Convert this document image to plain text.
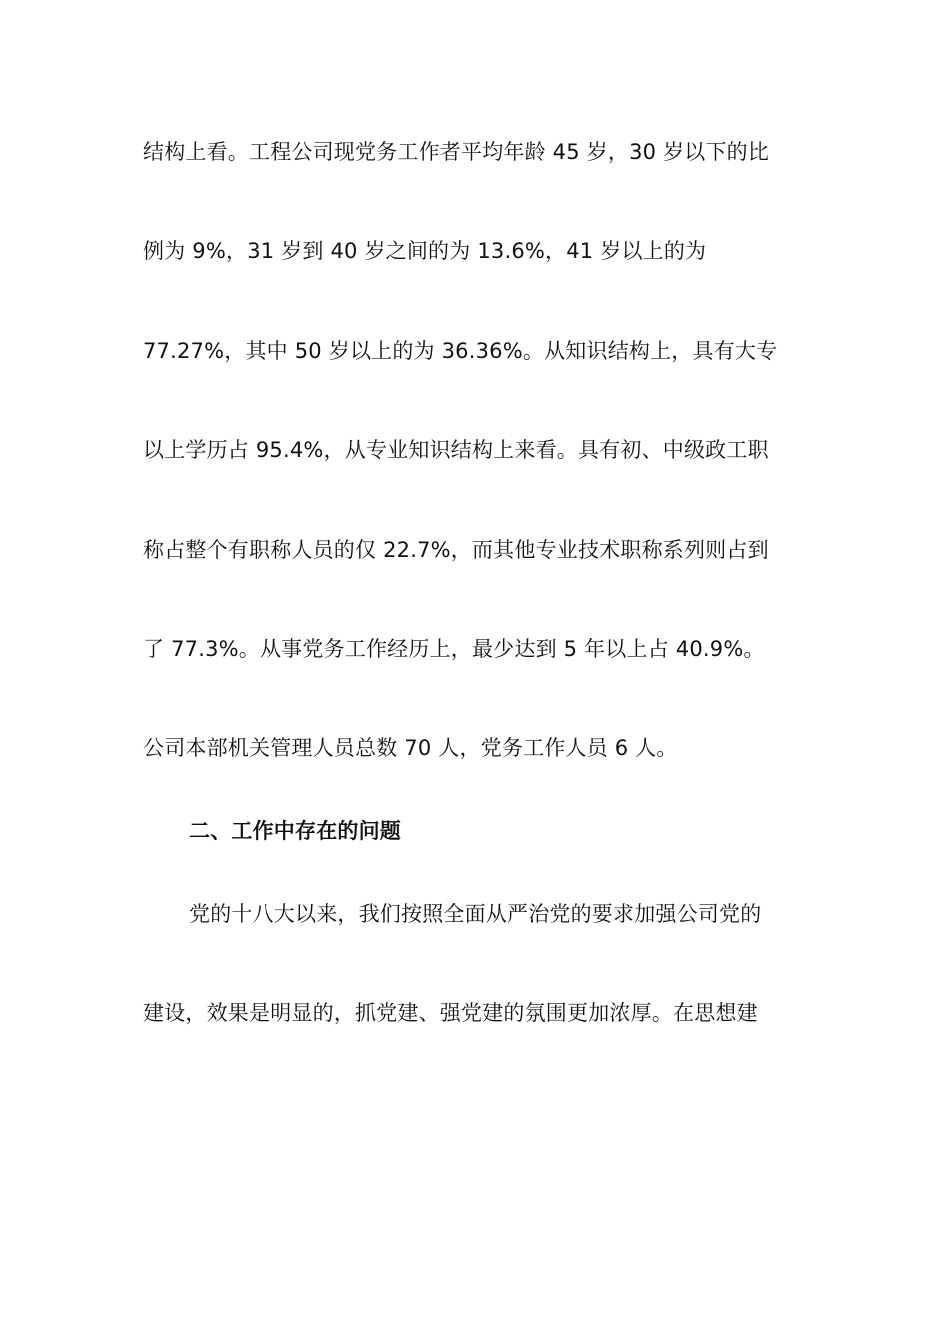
结构上看。工程公司现党务工作者平均年龄 45 岁，30 岁以下的比
例为 9%，31 岁到 40 岁之间的为 13.6%，41 岁以上的为
77.27%，其中 50 岁以上的为 36.36%。从知识结构上，具有大专
以上学历占 95.4%，从专业知识结构上来看。具有初、中级政工职
称占整个有职称人员的仅 22.7%，而其他专业技术职称系列则占到
了 77.3%。从事党务工作经历上，最少达到 5 年以上占 40.9%。
公司本部机关管理人员总数 70 人，党务工作人员 6 人。
二、工作中存在的问题
党的十八大以来，我们按照全面从严治党的要求加强公司党的
建设，效果是明显的，抓党建、强党建的氛围更加浓厚。在思想建
